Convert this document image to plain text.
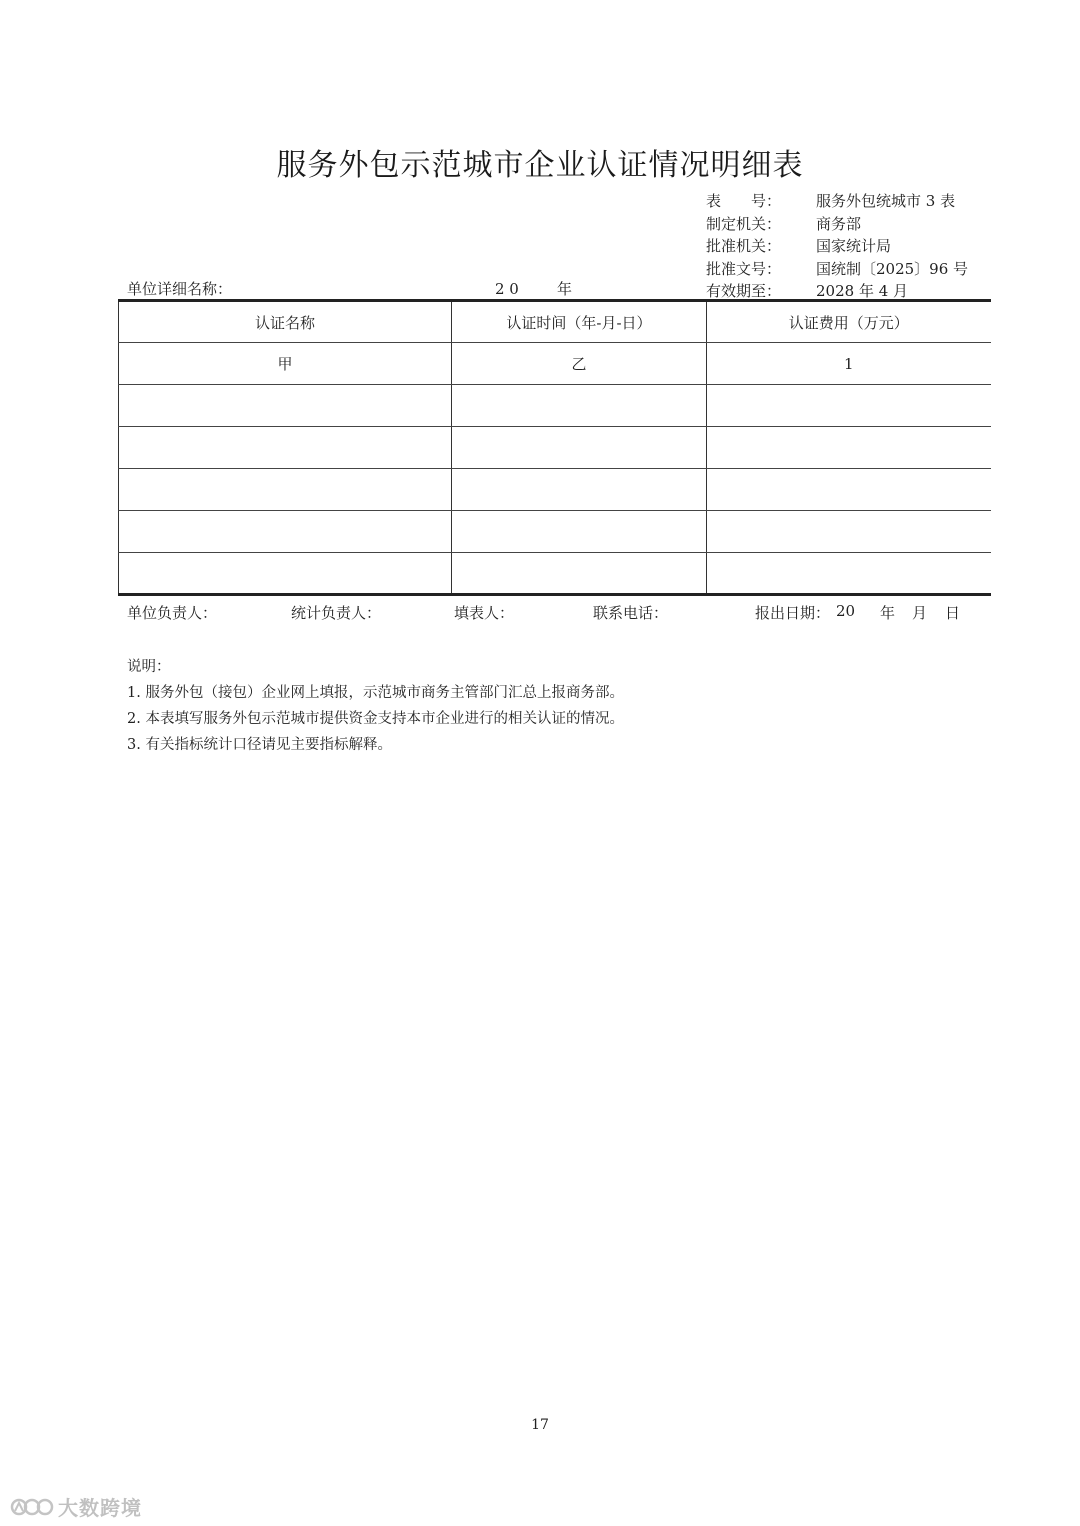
服务外包示范城市企业认证情况明细表
表　　号： 服务外包统城市 3 表
制定机关： 商务部
批准机关： 国家统计局
批准文号： 国统制〔2025〕96 号
有效期至： 2028 年 4 月
单位详细名称：	2 0	年
认证名称	认证时间（年-月-日）	认证费用（万元）
甲	乙	1

单位负责人：	统计负责人：	填表人：	联系电话：	报出日期： 20 年 月 日
说明：
1. 服务外包（接包）企业网上填报，示范城市商务主管部门汇总上报商务部。
2. 本表填写服务外包示范城市提供资金支持本市企业进行的相关认证的情况。
3. 有关指标统计口径请见主要指标解释。
17
大数跨境
